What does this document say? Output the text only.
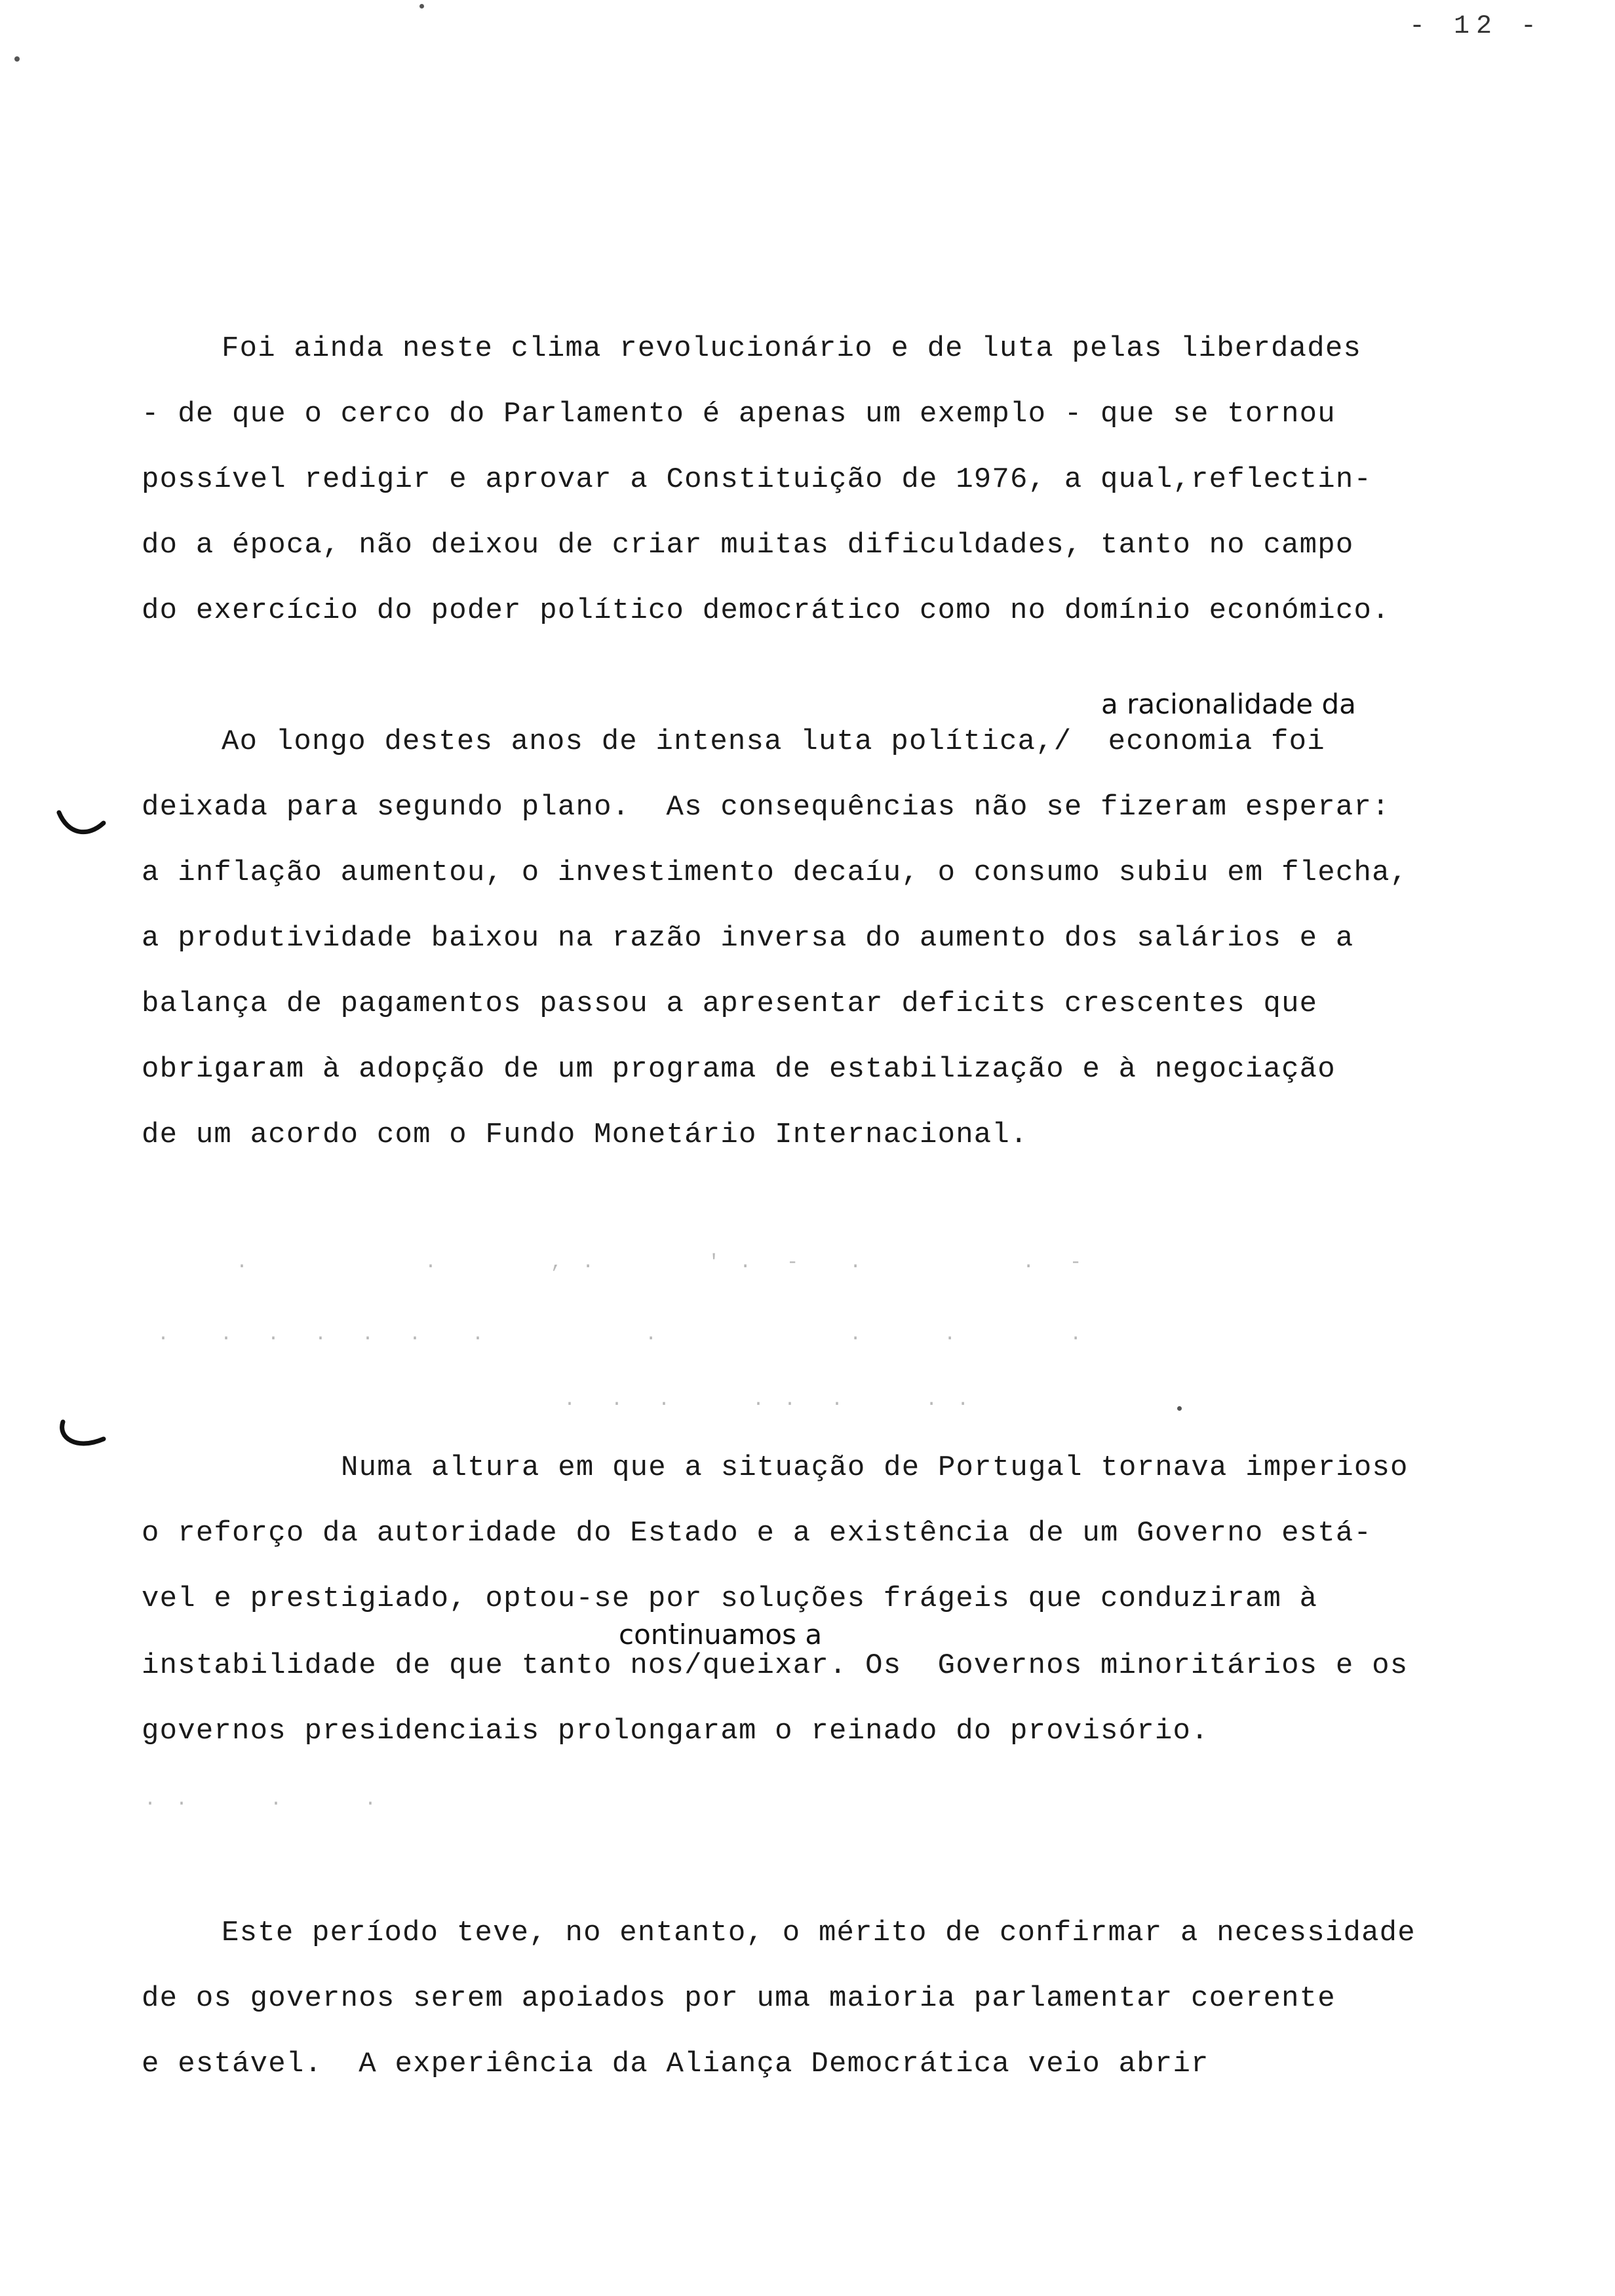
- 12 -
Foi ainda neste clima revolucionário e de luta pelas liberdades
- de que o cerco do Parlamento é apenas um exemplo - que se tornou
possível redigir e aprovar a Constituição de 1976, a qual,reflectin-
do a época, não deixou de criar muitas dificuldades, tanto no campo
do exercício do poder político democrático como no domínio económico.
a racionalidade da
Ao longo destes anos de intensa luta política,/  economia foi
deixada para segundo plano.  As consequências não se fizeram esperar:
a inflação aumentou, o investimento decaíu, o consumo subiu em flecha,
a produtividade baixou na razão inversa do aumento dos salários e a
balança de pagamentos passou a apresentar deficits crescentes que
obrigaram à adopção de um programa de estabilização e à negociação
de um acordo com o Fundo Monetário Internacional.
.           .       , .       ' .  -   .          .  -
.   .  .  .  .  .   .          .            .     .       .
.  .  .     . .  .     . .
. .     .     .
Numa altura em que a situação de Portugal tornava imperioso
o reforço da autoridade do Estado e a existência de um Governo está-
vel e prestigiado, optou-se por soluções frágeis que conduziram à
continuamos a
instabilidade de que tanto nos/queixar. Os  Governos minoritários e os
governos presidenciais prolongaram o reinado do provisório.
Este período teve, no entanto, o mérito de confirmar a necessidade
de os governos serem apoiados por uma maioria parlamentar coerente
e estável.  A experiência da Aliança Democrática veio abrir
